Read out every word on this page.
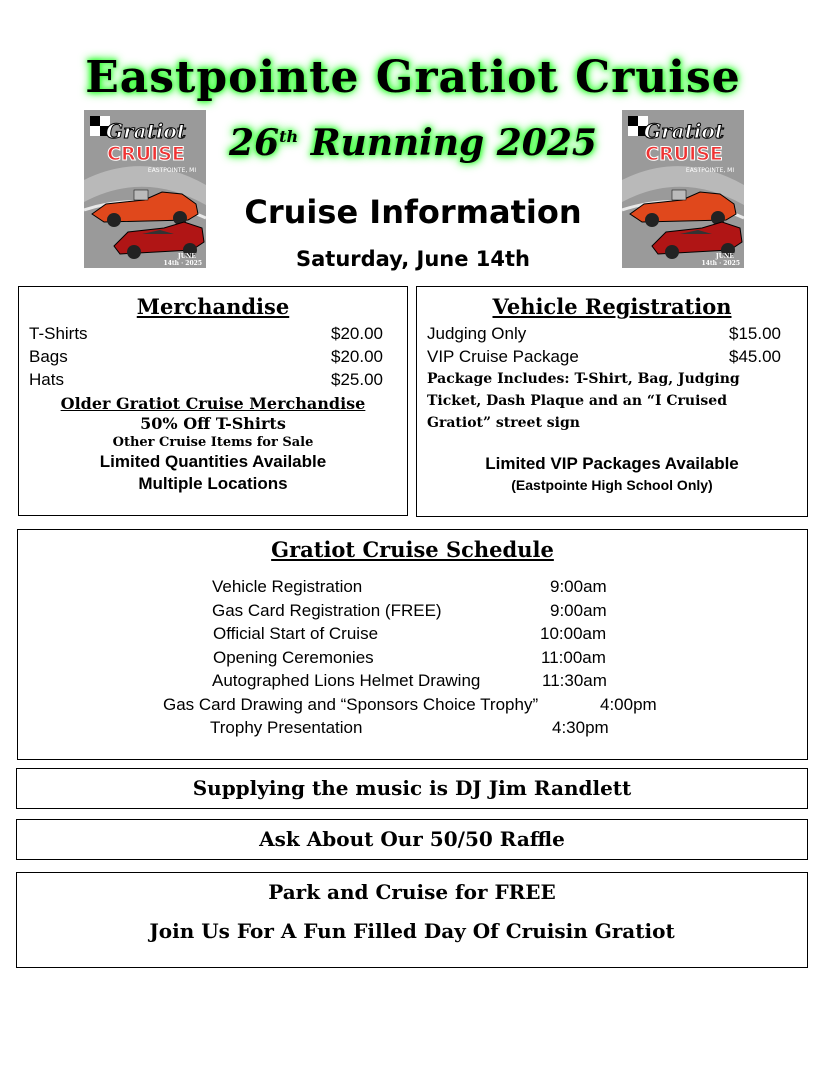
Eastpointe Gratiot Cruise
26th Running 2025
Cruise Information
Saturday, June 14th
Gratiot
CRUISE
EASTPOINTE, MI
JUNE
14th · 2025
Gratiot
CRUISE
EASTPOINTE, MI
JUNE
14th · 2025
Merchandise
T-Shirts	$20.00
Bags	$20.00
Hats	$25.00
Older Gratiot Cruise Merchandise
50% Off T-Shirts
Other Cruise Items for Sale
Limited Quantities Available
Multiple Locations
Vehicle Registration
Judging Only	$15.00
VIP Cruise Package	$45.00
Package Includes: T-Shirt, Bag, Judging
Ticket, Dash Plaque and an “I Cruised
Gratiot” street sign
Limited VIP Packages Available
(Eastpointe High School Only)
Gratiot Cruise Schedule
Vehicle Registration	9:00am
Gas Card Registration (FREE)	9:00am
Official Start of Cruise	10:00am
Opening Ceremonies	11:00am
Autographed Lions Helmet Drawing	11:30am
Gas Card Drawing and “Sponsors Choice Trophy”	4:00pm
Trophy Presentation	4:30pm
Supplying the music is DJ Jim Randlett
Ask About Our 50/50 Raffle
Park and Cruise for FREE
Join Us For A Fun Filled Day Of Cruisin Gratiot
